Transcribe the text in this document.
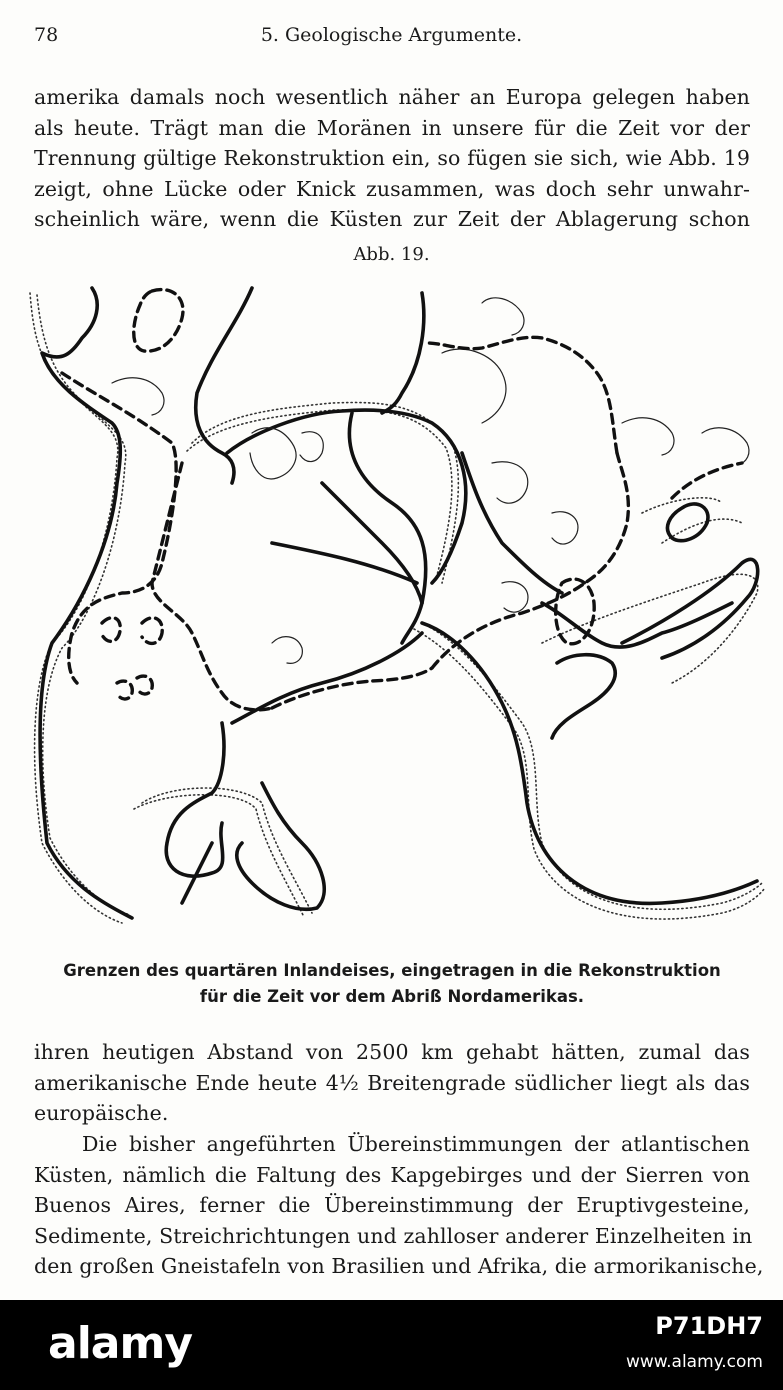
78	5. Geologische Argumente.
amerika damals noch wesentlich näher an Europa gelegen haben
als heute. Trägt man die Moränen in unsere für die Zeit vor der
Trennung gültige Rekonstruktion ein, so fügen sie sich, wie Abb. 19
zeigt, ohne Lücke oder Knick zusammen, was doch sehr unwahr-
scheinlich wäre, wenn die Küsten zur Zeit der Ablagerung schon
Abb. 19.
Grenzen des quartären Inlandeises, eingetragen in die Rekonstruktion
für die Zeit vor dem Abriß Nordamerikas.
ihren heutigen Abstand von 2500 km gehabt hätten, zumal das
amerikanische Ende heute 4½ Breitengrade südlicher liegt als das
europäische.
Die bisher angeführten Übereinstimmungen der atlantischen
Küsten, nämlich die Faltung des Kapgebirges und der Sierren von
Buenos Aires, ferner die Übereinstimmung der Eruptivgesteine,
Sedimente, Streichrichtungen und zahlloser anderer Einzelheiten in
den großen Gneistafeln von Brasilien und Afrika, die armorikanische,
alamy	P71DH7
www.alamy.com
